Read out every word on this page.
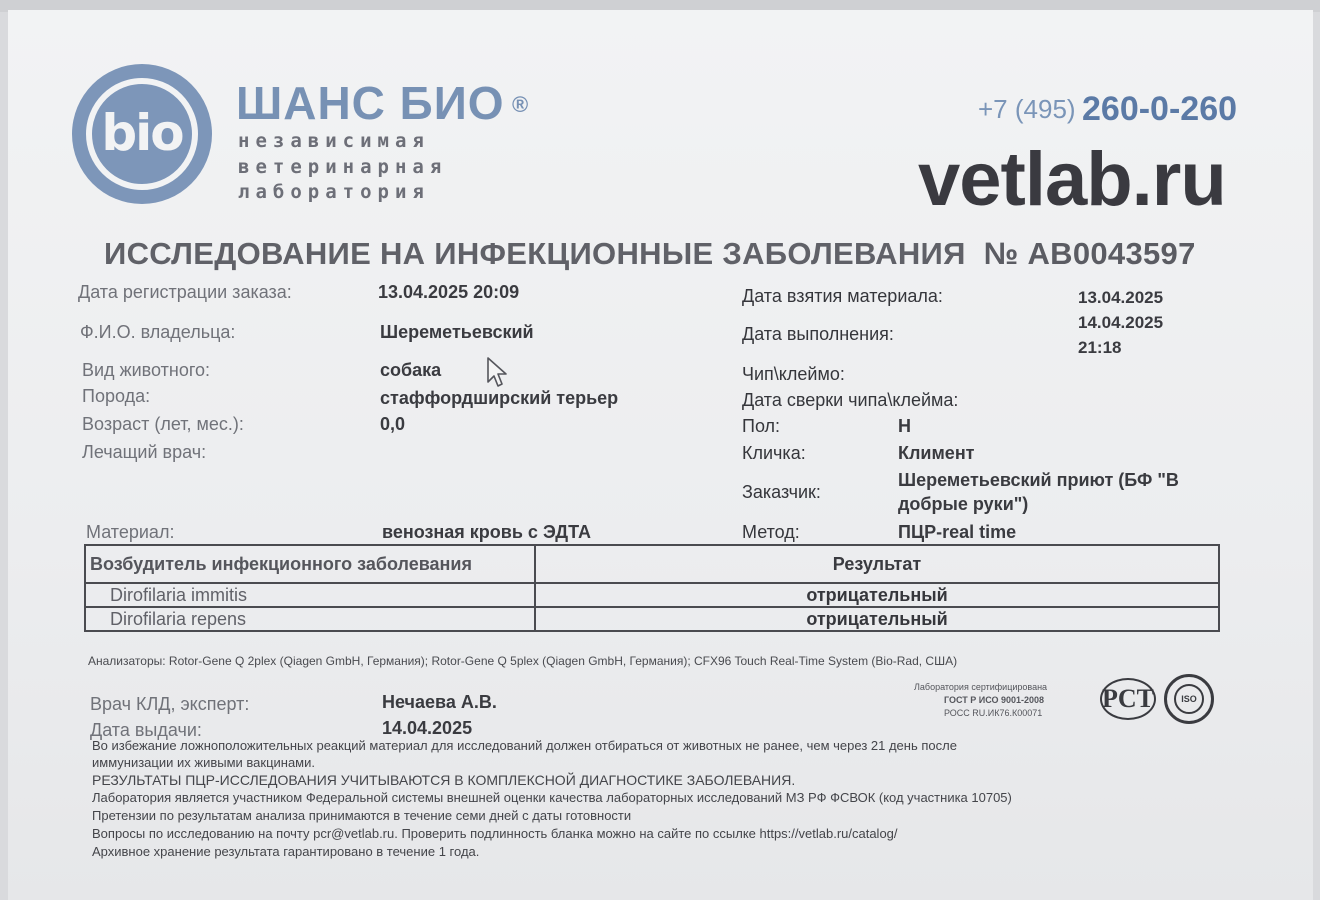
bio
ШАНС БИО ®
независимая
ветеринарная
лаборатория
+7 (495) 260-0-260
vetlab.ru
ИССЛЕДОВАНИЕ НА ИНФЕКЦИОННЫЕ ЗАБОЛЕВАНИЯ № АВ0043597
Дата регистрации заказа:	13.04.2025 20:09
Ф.И.О. владельца:	Шереметьевский
Вид животного:	собака
Порода:	стаффордширский терьер
Возраст (лет, мес.):	0,0
Лечащий врач:
Дата взятия материала:	13.04.2025
Дата выполнения:
14.04.2025
21:18
Чип\клеймо:
Дата сверки чипа\клейма:
Пол:	Н
Кличка:	Климент
Заказчик:
Шереметьевский приют (БФ "В
добрые руки")
Материал:	венозная кровь с ЭДТА	Метод:	ПЦР-real time
Возбудитель инфекционного заболевания	Результат
Dirofilaria immitis	отрицательный
Dirofilaria repens	отрицательный
Анализаторы: Rotor-Gene Q 2plex (Qiagen GmbH, Германия); Rotor-Gene Q 5plex (Qiagen GmbH, Германия); CFX96 Touch Real-Time System (Bio-Rad, США)
Врач КЛД, эксперт:	Нечаева А.В.
Дата выдачи:	14.04.2025
Лаборатория сертифицирована
ГОСТ Р ИСО 9001-2008
РОСС RU.ИК76.К00071 PCT	ISO
Во избежание ложноположительных реакций материал для исследований должен отбираться от животных не ранее, чем через 21 день после
иммунизации их живыми вакцинами.
РЕЗУЛЬТАТЫ ПЦР-ИССЛЕДОВАНИЯ УЧИТЫВАЮТСЯ В КОМПЛЕКСНОЙ ДИАГНОСТИКЕ ЗАБОЛЕВАНИЯ.
Лаборатория является участником Федеральной системы внешней оценки качества лабораторных исследований МЗ РФ ФСВОК (код участника 10705)
Претензии по результатам анализа принимаются в течение семи дней с даты готовности
Вопросы по исследованию на почту pcr@vetlab.ru. Проверить подлинность бланка можно на сайте по ссылке https://vetlab.ru/catalog/
Архивное хранение результата гарантировано в течение 1 года.
